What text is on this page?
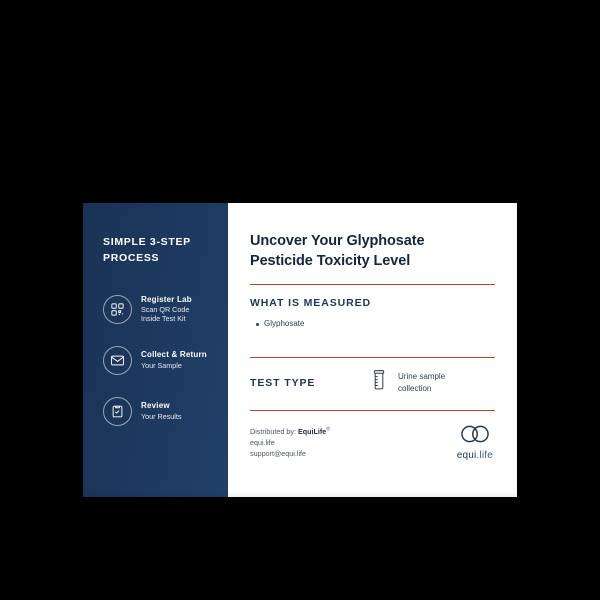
SIMPLE 3-STEP PROCESS
Register Lab
Scan QR Code
Inside Test Kit
Collect & Return
Your Sample
Review
Your Results
Uncover Your Glyphosate
Pesticide Toxicity Level
WHAT IS MEASURED
Glyphosate
TEST TYPE
Urine sample
collection
Distributed by: EquiLife®
equi.life
support@equi.life	equi.life
